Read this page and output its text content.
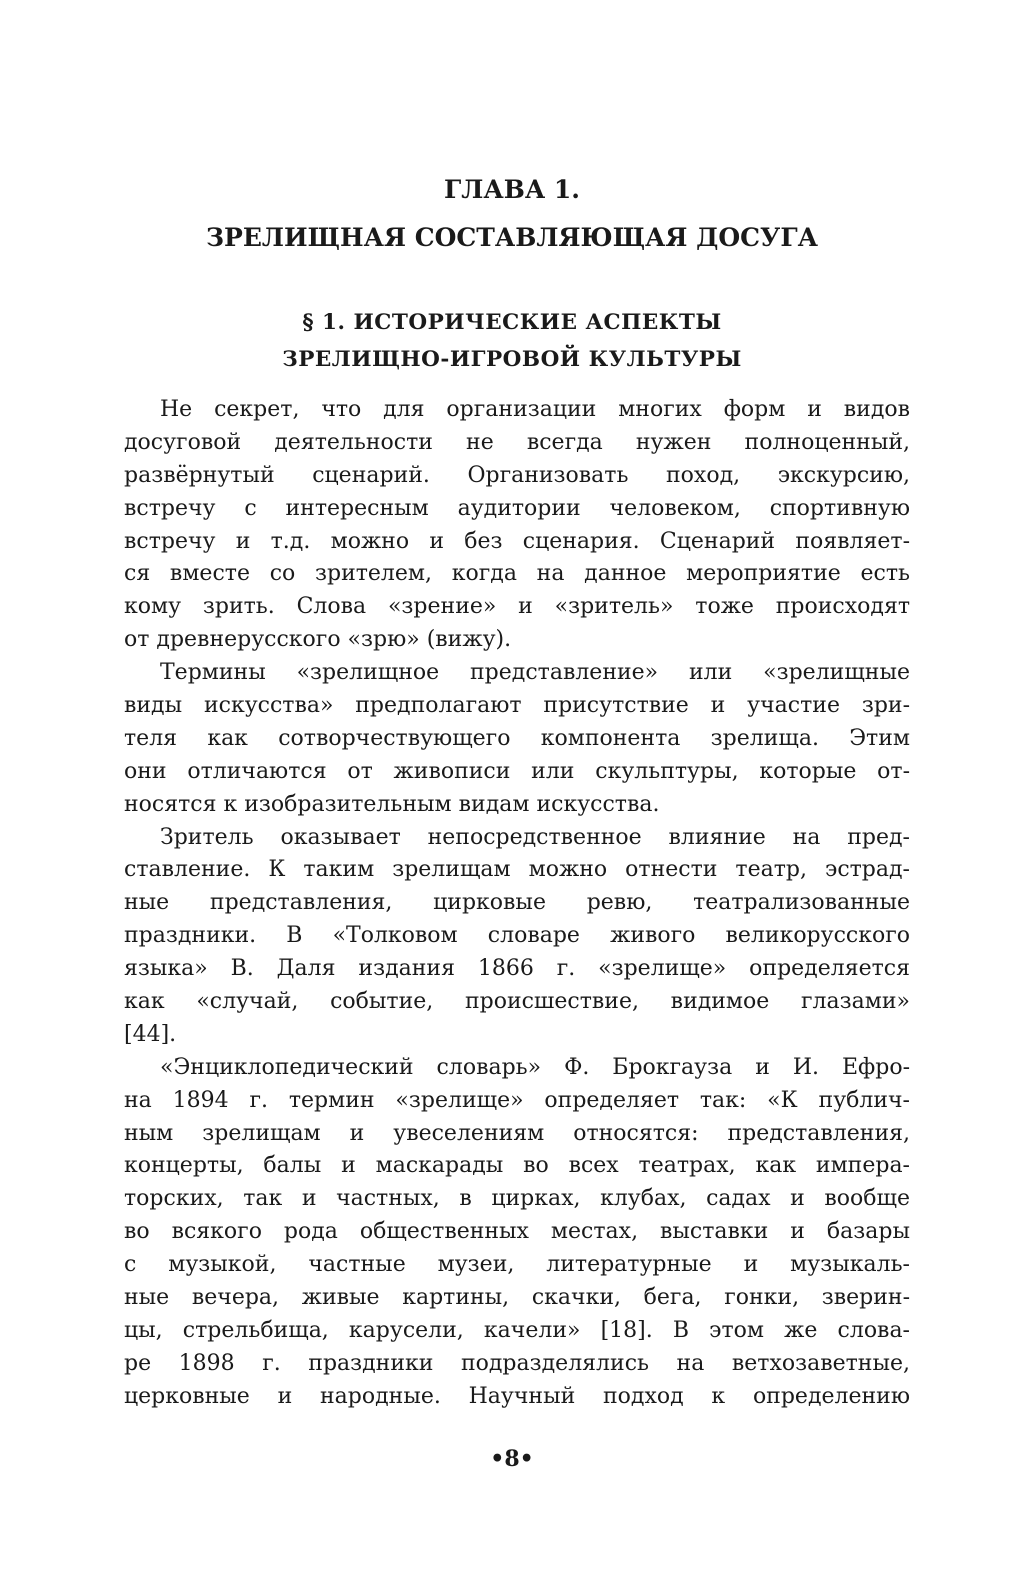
ГЛАВА 1.
ЗРЕЛИЩНАЯ СОСТАВЛЯЮЩАЯ ДОСУГА
§ 1. ИСТОРИЧЕСКИЕ АСПЕКТЫ
ЗРЕЛИЩНО-ИГРОВОЙ КУЛЬТУРЫ
Не секрет, что для организации многих форм и видов
досуговой деятельности не всегда нужен полноценный,
развёрнутый сценарий. Организовать поход, экскурсию,
встречу с интересным аудитории человеком, спортивную
встречу и т.д. можно и без сценария. Сценарий появляет-
ся вместе со зрителем, когда на данное мероприятие есть
кому зрить. Слова «зрение» и «зритель» тоже происходят
от древнерусского «зрю» (вижу).
Термины «зрелищное представление» или «зрелищные
виды искусства» предполагают присутствие и участие зри-
теля как сотворчествующего компонента зрелища. Этим
они отличаются от живописи или скульптуры, которые от-
носятся к изобразительным видам искусства.
Зритель оказывает непосредственное влияние на пред-
ставление. К таким зрелищам можно отнести театр, эстрад-
ные представления, цирковые ревю, театрализованные
праздники. В «Толковом словаре живого великорусского
языка» В. Даля издания 1866 г. «зрелище» определяется
как «случай, событие, происшествие, видимое глазами»
[44].
«Энциклопедический словарь» Ф. Брокгауза и И. Ефро-
на 1894 г. термин «зрелище» определяет так: «К публич-
ным зрелищам и увеселениям относятся: представления,
концерты, балы и маскарады во всех театрах, как импера-
торских, так и частных, в цирках, клубах, садах и вообще
во всякого рода общественных местах, выставки и базары
с музыкой, частные музеи, литературные и музыкаль-
ные вечера, живые картины, скачки, бега, гонки, зверин-
цы, стрельбища, карусели, качели» [18]. В этом же слова-
ре 1898 г. праздники подразделялись на ветхозаветные,
церковные и народные. Научный подход к определению
•8•
